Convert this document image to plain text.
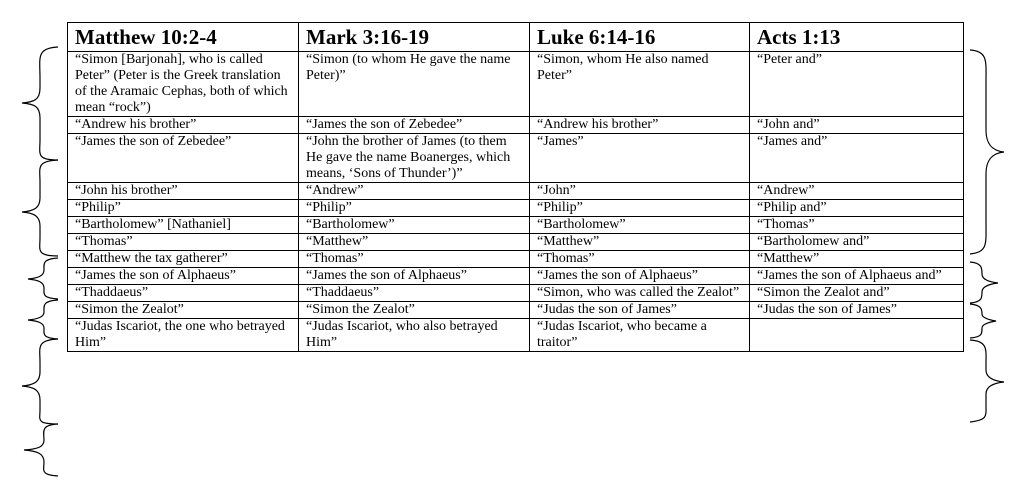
Matthew 10:2-4	Mark 3:16-19	Luke 6:14-16	Acts 1:13
“Simon [Barjonah], who is called Peter” (Peter is the Greek translation of the Aramaic Cephas, both of which mean “rock”)	“Simon (to whom He gave the name Peter)”	“Simon, whom He also named Peter”	“Peter and”
“Andrew his brother”	“James the son of Zebedee”	“Andrew his brother”	“John and”
“James the son of Zebedee”	“John the brother of James (to them He gave the name Boanerges, which means, ‘Sons of Thunder’)”	“James”	“James and”
“John his brother”	“Andrew”	“John”	“Andrew”
“Philip”	“Philip”	“Philip”	“Philip and”
“Bartholomew” [Nathaniel]	“Bartholomew”	“Bartholomew”	“Thomas”
“Thomas”	“Matthew”	“Matthew”	“Bartholomew and”
“Matthew the tax gatherer”	“Thomas”	“Thomas”	“Matthew”
“James the son of Alphaeus”	“James the son of Alphaeus”	“James the son of Alphaeus”	“James the son of Alphaeus and”
“Thaddaeus”	“Thaddaeus”	“Simon, who was called the Zealot”	“Simon the Zealot and”
“Simon the Zealot”	“Simon the Zealot”	“Judas the son of James”	“Judas the son of James”
“Judas Iscariot, the one who betrayed Him”	“Judas Iscariot, who also betrayed Him”	“Judas Iscariot, who became a traitor”	
